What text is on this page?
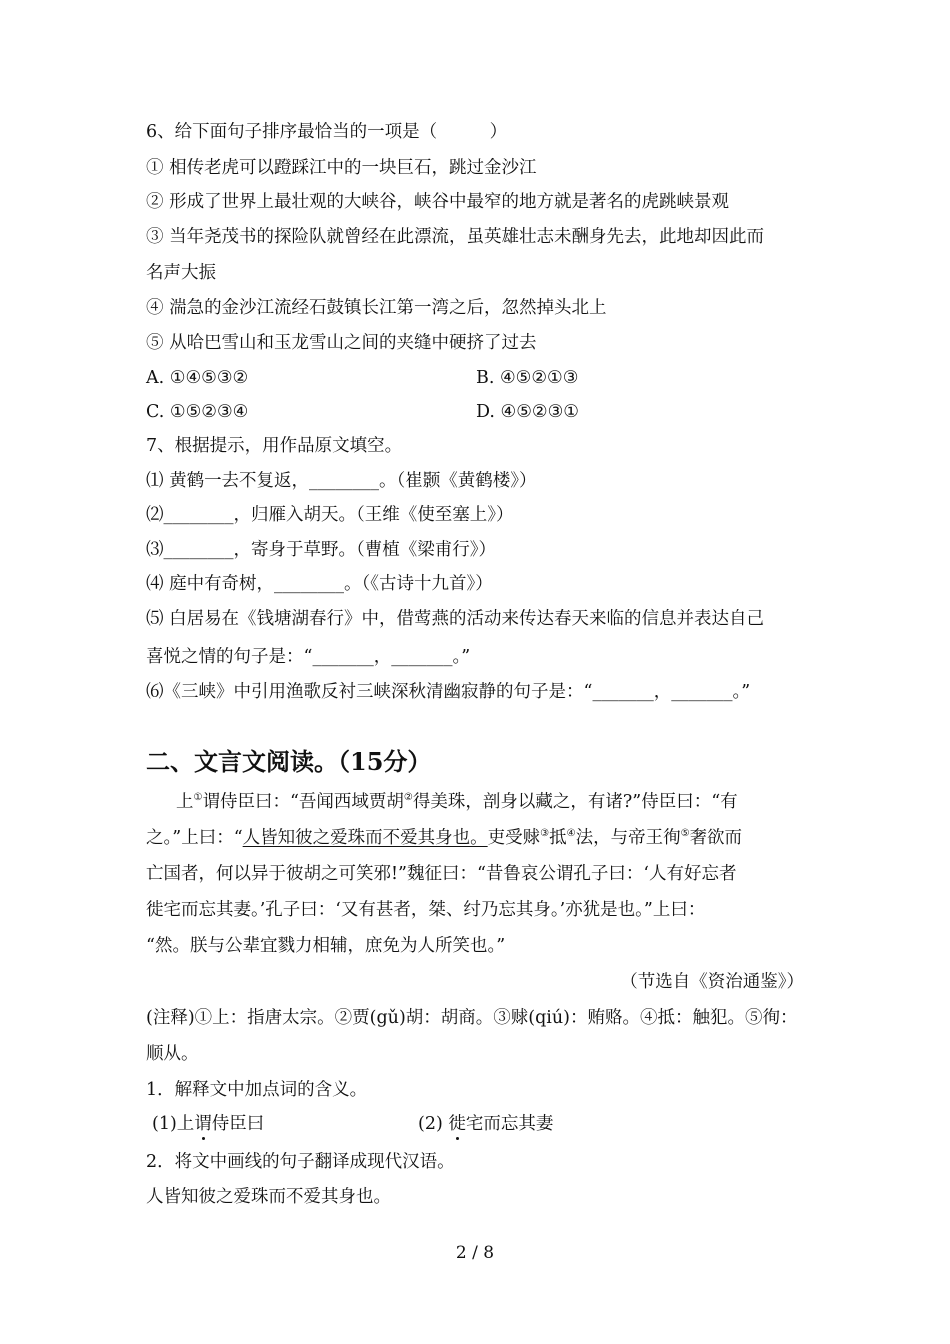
6、给下面句子排序最恰当的一项是（　　　）
① 相传老虎可以蹬踩江中的一块巨石，跳过金沙江
② 形成了世界上最壮观的大峡谷，峡谷中最窄的地方就是著名的虎跳峡景观
③ 当年尧茂书的探险队就曾经在此漂流，虽英雄壮志未酬身先去，此地却因此而
名声大振
④ 湍急的金沙江流经石鼓镇长江第一湾之后，忽然掉头北上
⑤ 从哈巴雪山和玉龙雪山之间的夹缝中硬挤了过去
A. ①④⑤③②	B. ④⑤②①③
C. ①⑤②③④	D. ④⑤②③①
7、根据提示，用作品原文填空。
⑴ 黄鹤一去不复返，________。（崔颢《黄鹤楼》）
⑵________，归雁入胡天。（王维《使至塞上》）
⑶________，寄身于草野。（曹植《梁甫行》）
⑷ 庭中有奇树，________。（《古诗十九首》）
⑸ 白居易在《钱塘湖春行》中，借莺燕的活动来传达春天来临的信息并表达自己
喜悦之情的句子是：“_______，_______。”
⑹《三峡》中引用渔歌反衬三峡深秋清幽寂静的句子是：“_______，_______。”
二、文言文阅读。（15分）
上①谓侍臣曰：“吾闻西域贾胡②得美珠，剖身以藏之，有诸?”侍臣曰：“有
之。”上曰：“人皆知彼之爱珠而不爱其身也。吏受赇③抵④法，与帝王徇⑤奢欲而
亡国者，何以异于彼胡之可笑邪!”魏征曰：“昔鲁哀公谓孔子曰：‘人有好忘者
徙宅而忘其妻。’孔子曰：‘又有甚者，桀、纣乃忘其身。’亦犹是也。”上曰：
“然。朕与公辈宜戮力相辅，庶免为人所笑也。”
（节选自《资治通鉴》）
(注释)①上：指唐太宗。②贾(gǔ)胡：胡商。③赇(qiú)：贿赂。④抵：触犯。⑤徇：
顺从。
1．解释文中加点词的含义。
(1)上谓侍臣曰	(2) 徙宅而忘其妻
2．将文中画线的句子翻译成现代汉语。
人皆知彼之爱珠而不爱其身也。
2 / 8
